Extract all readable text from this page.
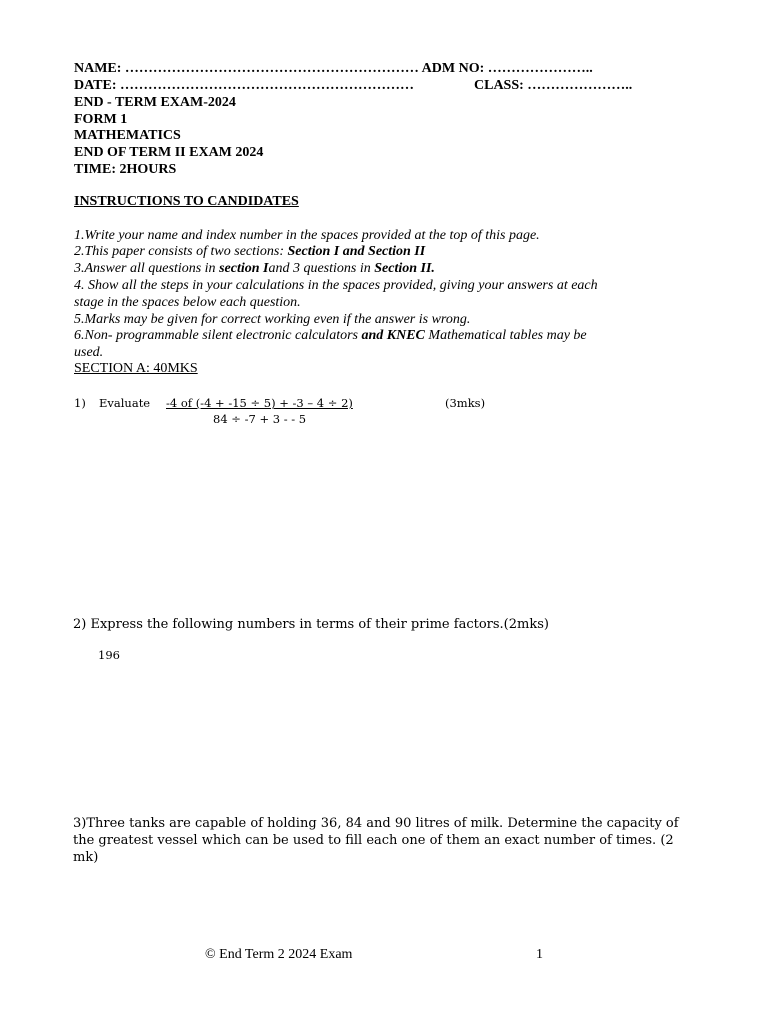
NAME: ……………………………………………………… ADM NO: …………………..
DATE: ………………………………………………………	CLASS: …………………..
END - TERM EXAM-2024
FORM 1
MATHEMATICS
END OF TERM II EXAM 2024
TIME: 2HOURS
INSTRUCTIONS TO CANDIDATES
1.Write your name and index number in the spaces provided at the top of this page.
2.This paper consists of two sections: Section I and Section II
3.Answer all questions in section Iand 3 questions in Section II.
4. Show all the steps in your calculations in the spaces provided, giving your answers at each
stage in the spaces below each question.
5.Marks may be given for correct working even if the answer is wrong.
6.Non- programmable silent electronic calculators and KNEC Mathematical tables may be
used.
SECTION A: 40MKS
1) Evaluate -4 of (-4 + -15 ÷ 5) + -3 – 4 ÷ 2)
84 ÷ -7 + 3 - - 5
(3mks)
2) Express the following numbers in terms of their prime factors.(2mks)
196
3)Three tanks are capable of holding 36, 84 and 90 litres of milk. Determine the capacity of
the greatest vessel which can be used to fill each one of them an exact number of times. (2
mk)
© End Term 2 2024 Exam	1
